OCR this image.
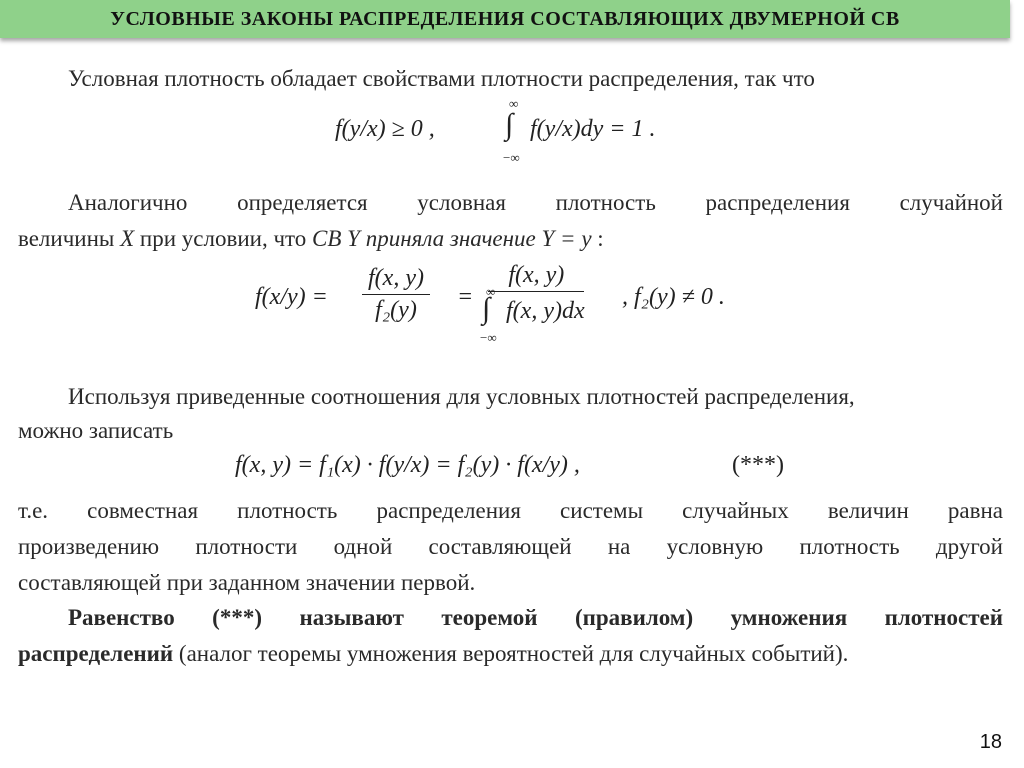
УСЛОВНЫЕ ЗАКОНЫ РАСПРЕДЕЛЕНИЯ СОСТАВЛЯЮЩИХ ДВУМЕРНОЙ СВ
Условная плотность обладает свойствами плотности распределения, так что
f(y/x) ≥ 0 , ∫
∞
−∞
f(y/x)dy = 1 .
Аналогично определяется условная плотность распределения случайной
величины X при условии, что СВ Y приняла значение Y = y :
$f(x/y) = \frac{f(x, y)}{\text{f₂(y)}} = f(x$, y)
∫
∞
−∞
f(x, y)dx , f₂(y) ≠ 0 .
Используя приведенные соотношения для условных плотностей распределения,
можно записать
f(x, y) = f₁(x) · f(y/x) = f₂(y) · f(x/y) ,	(***)
т.е. совместная плотность распределения системы случайных величин равна
произведению плотности одной составляющей на условную плотность другой
составляющей при заданном значении первой.
Равенство (***) называют теоремой (правилом) умножения плотностей
распределений (аналог теоремы умножения вероятностей для случайных событий).
18
